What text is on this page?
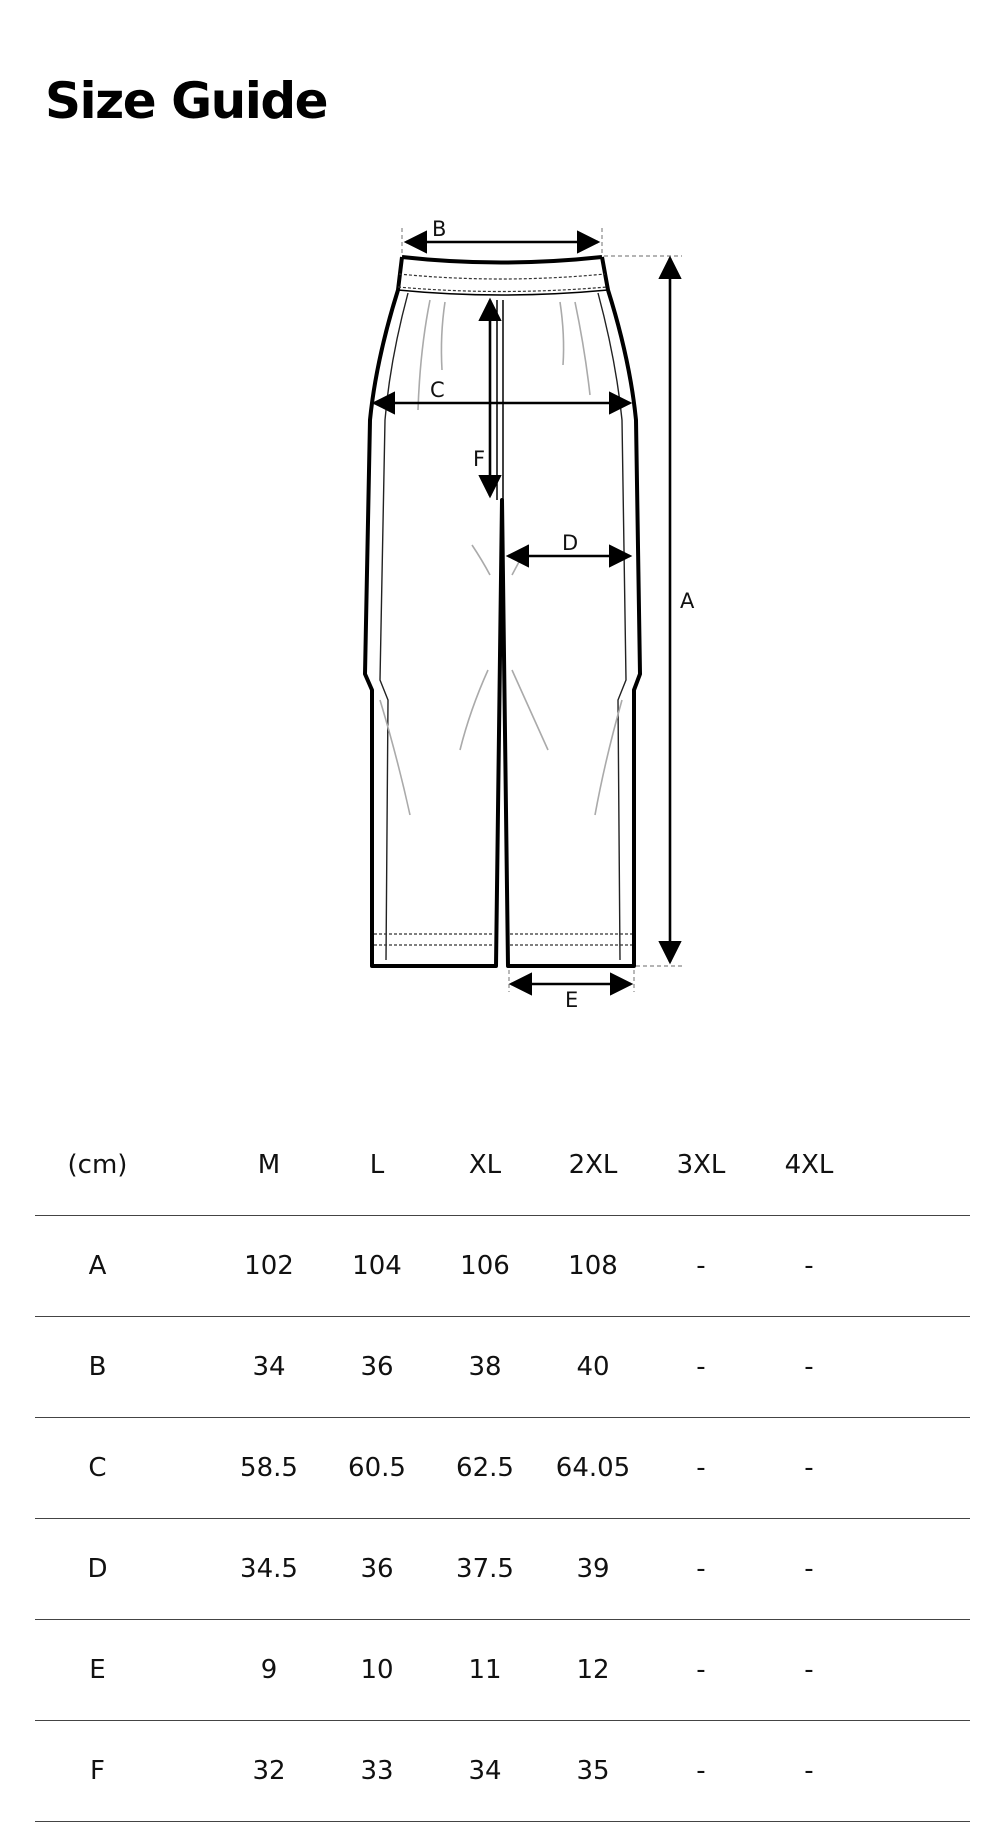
Size Guide
B
C
F
D
A
E
(cm)	M	L	XL	2XL	3XL	4XL
A	102	104	106	108	-	-
B	34	36	38	40	-	-
C	58.5	60.5	62.5	64.05	-	-
D	34.5	36	37.5	39	-	-
E	9	10	11	12	-	-
F	32	33	34	35	-	-
